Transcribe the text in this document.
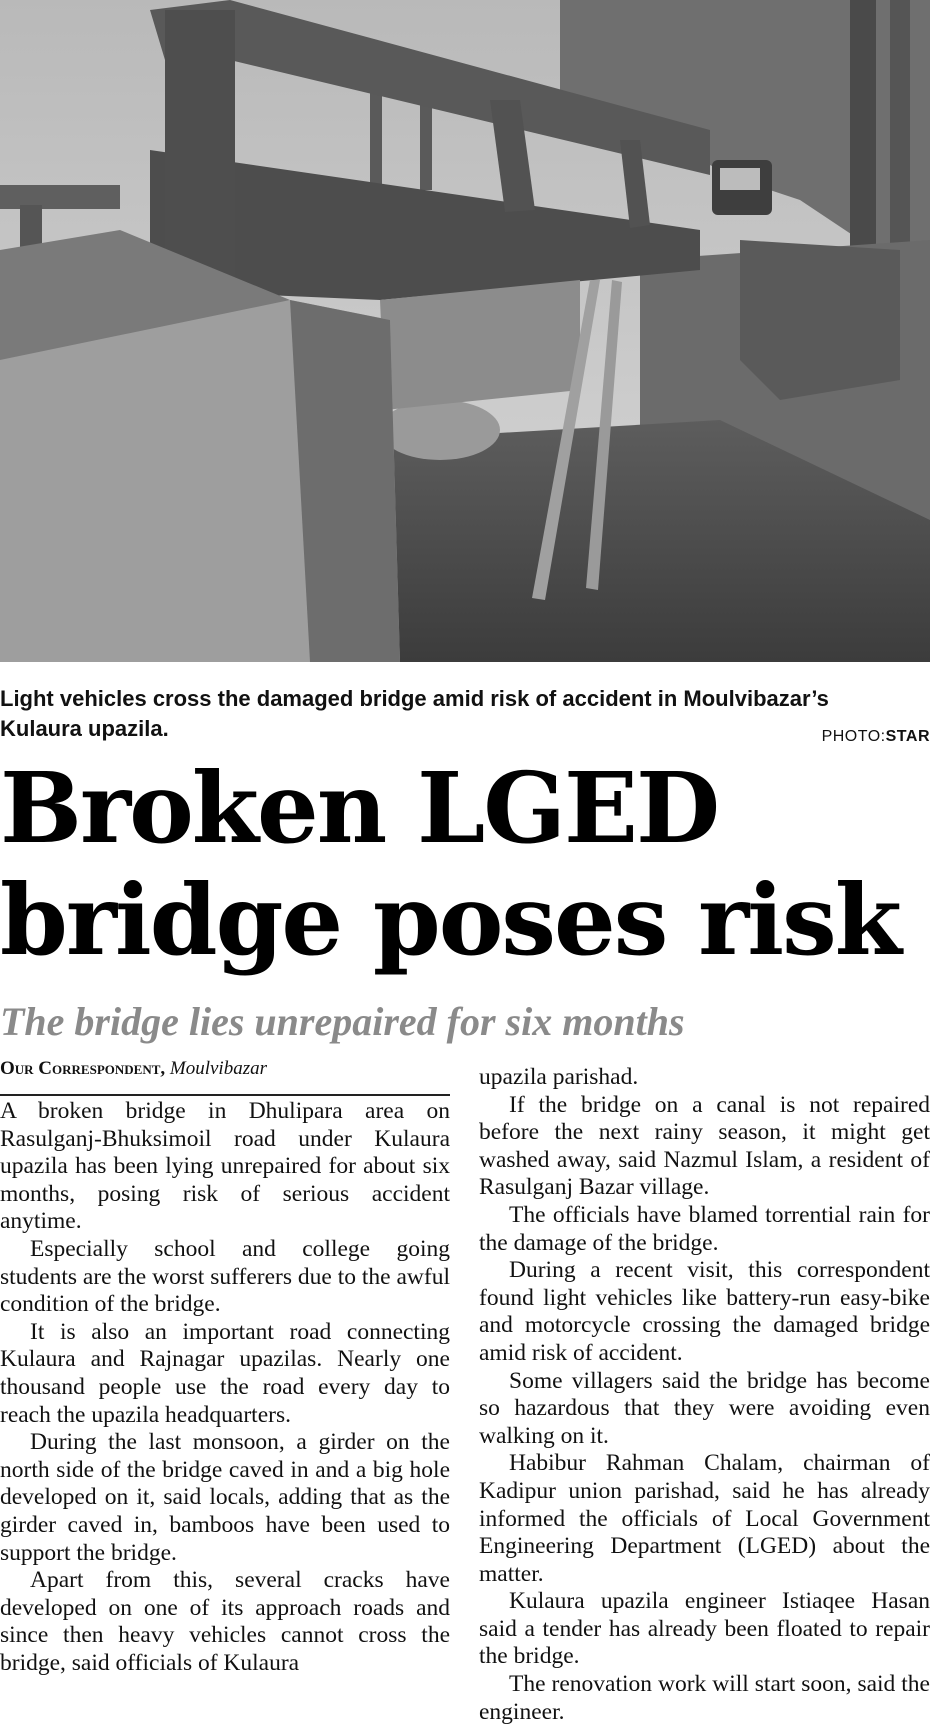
Light vehicles cross the damaged bridge amid risk of accident in Moulvibazar’s Kulaura upazila.	PHOTO:STAR
Broken LGED
bridge poses risk
The bridge lies unrepaired for six months
Our Correspondent, Moulvibazar

A broken bridge in Dhulipara area on Rasulganj-Bhuksimoil road under Kulaura upazila has been lying unrepaired for about six months, posing risk of serious accident anytime.

Especially school and college going students are the worst sufferers due to the awful condition of the bridge.

It is also an important road connecting Kulaura and Rajnagar upazilas. Nearly one thousand people use the road every day to reach the upazila headquarters.

During the last monsoon, a girder on the north side of the bridge caved in and a big hole developed on it, said locals, adding that as the girder caved in, bamboos have been used to support the bridge.

Apart from this, several cracks have developed on one of its approach roads and since then heavy vehicles cannot cross the bridge, said officials of Kulaura

upazila parishad.

If the bridge on a canal is not repaired before the next rainy season, it might get washed away, said Nazmul Islam, a resident of Rasulganj Bazar village.

The officials have blamed torrential rain for the damage of the bridge.

During a recent visit, this correspondent found light vehicles like battery-run easy-bike and motorcycle crossing the damaged bridge amid risk of accident.

Some villagers said the bridge has become so hazardous that they were avoiding even walking on it.

Habibur Rahman Chalam, chairman of Kadipur union parishad, said he has already informed the officials of Local Government Engineering Department (LGED) about the matter.

Kulaura upazila engineer Istiaqee Hasan said a tender has already been floated to repair the bridge.

The renovation work will start soon, said the engineer.
